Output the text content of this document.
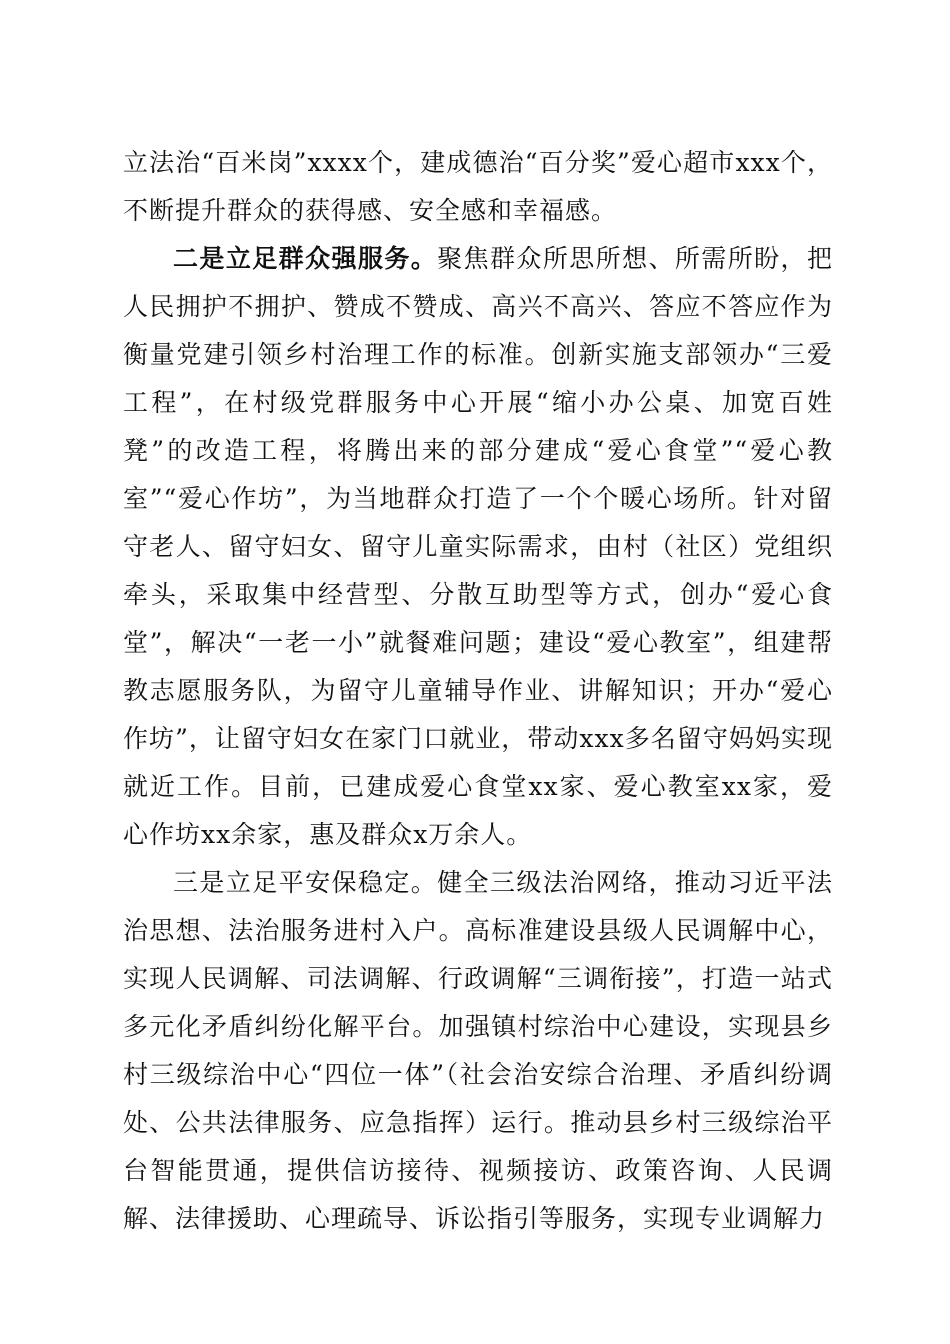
立法治“百米岗”xxxx个，建成德治“百分奖”爱心超市xxx个，不断提升群众的获得感、安全感和幸福感。

二是立足群众强服务。聚焦群众所思所想、所需所盼，把人民拥护不拥护、赞成不赞成、高兴不高兴、答应不答应作为衡量党建引领乡村治理工作的标准。创新实施支部领办“三爱工程”，在村级党群服务中心开展“缩小办公桌、加宽百姓凳”的改造工程，将腾出来的部分建成“爱心食堂”“爱心教室”“爱心作坊”，为当地群众打造了一个个暖心场所。针对留守老人、留守妇女、留守儿童实际需求，由村（社区）党组织牵头，采取集中经营型、分散互助型等方式，创办“爱心食堂”，解决“一老一小”就餐难问题；建设“爱心教室”，组建帮教志愿服务队，为留守儿童辅导作业、讲解知识；开办“爱心作坊”，让留守妇女在家门口就业，带动xxx多名留守妈妈实现就近工作。目前，已建成爱心食堂xx家、爱心教室xx家，爱心作坊xx余家，惠及群众x万余人。

三是立足平安保稳定。健全三级法治网络，推动习近平法治思想、法治服务进村入户。高标准建设县级人民调解中心，实现人民调解、司法调解、行政调解“三调衔接”，打造一站式多元化矛盾纠纷化解平台。加强镇村综治中心建设，实现县乡村三级综治中心“四位一体”（社会治安综合治理、矛盾纠纷调处、公共法律服务、应急指挥）运行。推动县乡村三级综治平台智能贯通，提供信访接待、视频接访、政策咨询、人民调解、法律援助、心理疏导、诉讼指引等服务，实现专业调解力
